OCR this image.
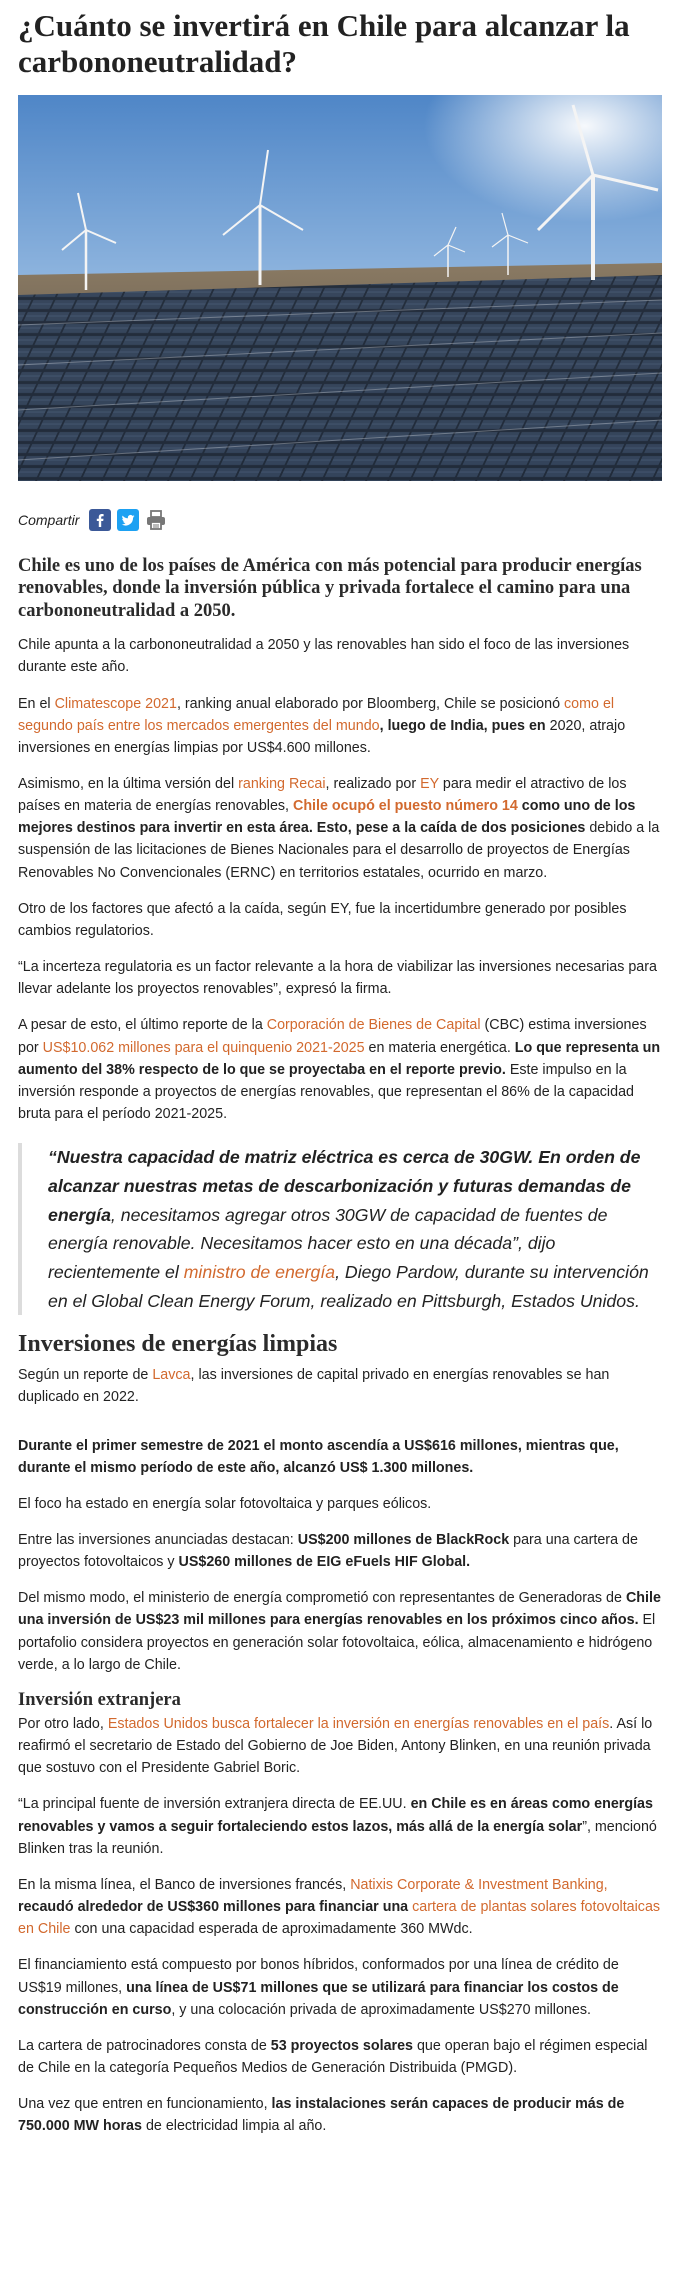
¿Cuánto se invertirá en Chile para alcanzar la carbononeutralidad?
Compartir
Chile es uno de los países de América con más potencial para producir energías renovables, donde la inversión pública y privada fortalece el camino para una carbononeutralidad a 2050.

Chile apunta a la carbononeutralidad a 2050 y las renovables han sido el foco de las inversiones durante este año.

En el Climatescope 2021, ranking anual elaborado por Bloomberg, Chile se posicionó como el segundo país entre los mercados emergentes del mundo, luego de India, pues en 2020, atrajo inversiones en energías limpias por US$4.600 millones.

Asimismo, en la última versión del ranking Recai, realizado por EY para medir el atractivo de los países en materia de energías renovables, Chile ocupó el puesto número 14 como uno de los mejores destinos para invertir en esta área. Esto, pese a la caída de dos posiciones debido a la suspensión de las licitaciones de Bienes Nacionales para el desarrollo de proyectos de Energías Renovables No Convencionales (ERNC) en territorios estatales, ocurrido en marzo.

Otro de los factores que afectó a la caída, según EY, fue la incertidumbre generado por posibles cambios regulatorios.

“La incerteza regulatoria es un factor relevante a la hora de viabilizar las inversiones necesarias para llevar adelante los proyectos renovables”, expresó la firma.

A pesar de esto, el último reporte de la Corporación de Bienes de Capital (CBC) estima inversiones por US$10.062 millones para el quinquenio 2021-2025 en materia energética. Lo que representa un aumento del 38% respecto de lo que se proyectaba en el reporte previo. Este impulso en la inversión responde a proyectos de energías renovables, que representan el 86% de la capacidad bruta para el período 2021-2025.

“Nuestra capacidad de matriz eléctrica es cerca de 30GW. En orden de alcanzar nuestras metas de descarbonización y futuras demandas de energía, necesitamos agregar otros 30GW de capacidad de fuentes de energía renovable. Necesitamos hacer esto en una década”, dijo recientemente el ministro de energía, Diego Pardow, durante su intervención en el Global Clean Energy Forum, realizado en Pittsburgh, Estados Unidos.
Inversiones de energías limpias

Según un reporte de Lavca, las inversiones de capital privado en energías renovables se han duplicado en 2022.

Durante el primer semestre de 2021 el monto ascendía a US$616 millones, mientras que, durante el mismo período de este año, alcanzó US$ 1.300 millones.

El foco ha estado en energía solar fotovoltaica y parques eólicos.

Entre las inversiones anunciadas destacan: US$200 millones de BlackRock para una cartera de proyectos fotovoltaicos y US$260 millones de EIG eFuels HIF Global.

Del mismo modo, el ministerio de energía comprometió con representantes de Generadoras de Chile una inversión de US$23 mil millones para energías renovables en los próximos cinco años. El portafolio considera proyectos en generación solar fotovoltaica, eólica, almacenamiento e hidrógeno verde, a lo largo de Chile.

Inversión extranjera

Por otro lado, Estados Unidos busca fortalecer la inversión en energías renovables en el país. Así lo reafirmó el secretario de Estado del Gobierno de Joe Biden, Antony Blinken, en una reunión privada que sostuvo con el Presidente Gabriel Boric.

“La principal fuente de inversión extranjera directa de EE.UU. en Chile es en áreas como energías renovables y vamos a seguir fortaleciendo estos lazos, más allá de la energía solar”, mencionó Blinken tras la reunión.

En la misma línea, el Banco de inversiones francés, Natixis Corporate & Investment Banking, recaudó alrededor de US$360 millones para financiar una cartera de plantas solares fotovoltaicas en Chile con una capacidad esperada de aproximadamente 360 MWdc.

El financiamiento está compuesto por bonos híbridos, conformados por una línea de crédito de US$19 millones, una línea de US$71 millones que se utilizará para financiar los costos de construcción en curso, y una colocación privada de aproximadamente US$270 millones.

La cartera de patrocinadores consta de 53 proyectos solares que operan bajo el régimen especial de Chile en la categoría Pequeños Medios de Generación Distribuida (PMGD).

Una vez que entren en funcionamiento, las instalaciones serán capaces de producir más de 750.000 MW horas de electricidad limpia al año.
